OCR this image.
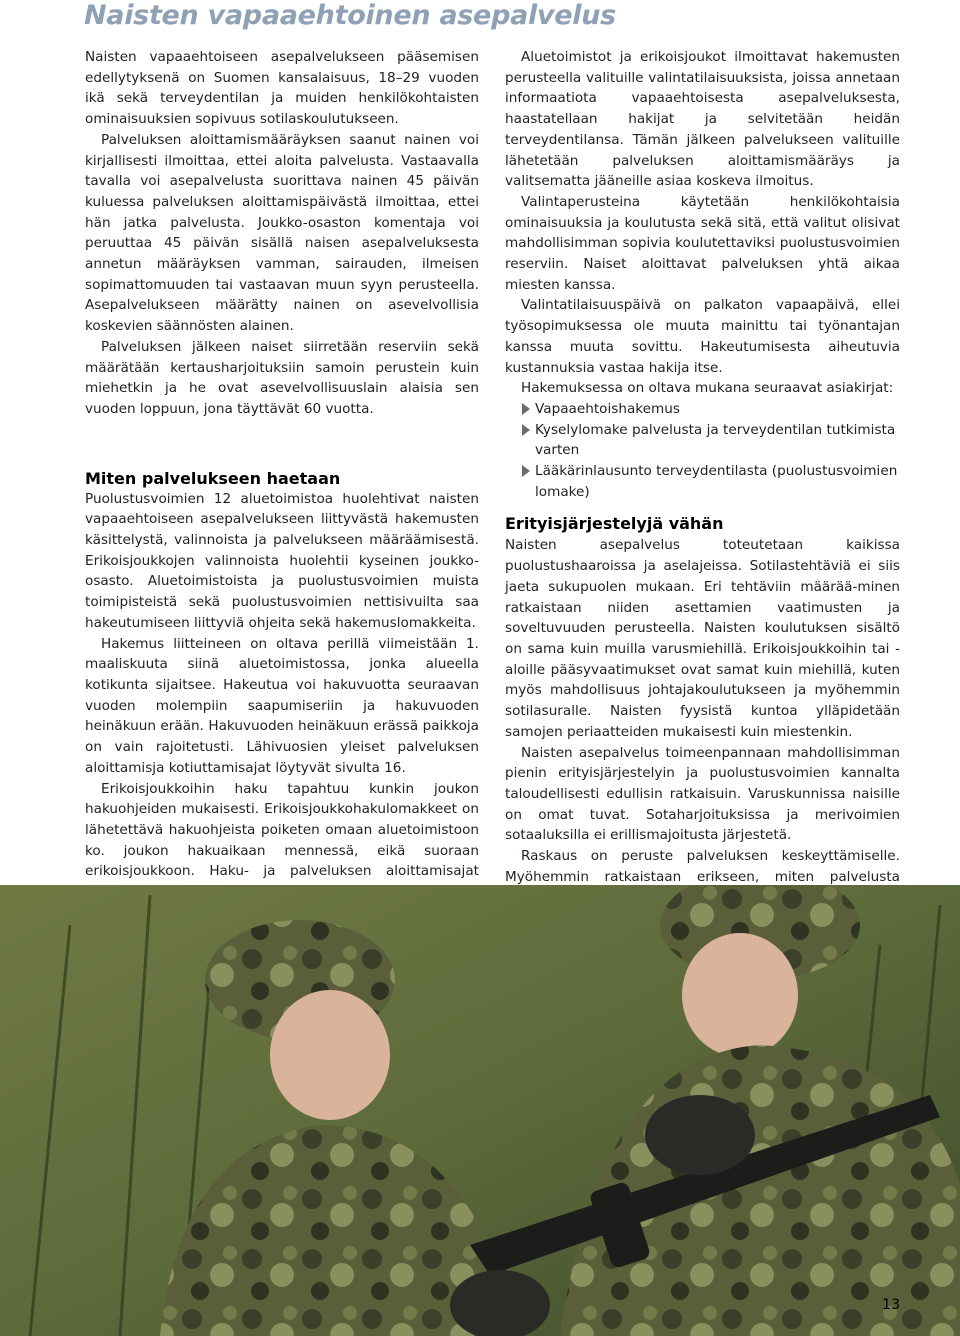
Naisten vapaaehtoinen asepalvelus

Naisten vapaaehtoiseen asepalvelukseen pääsemisen edellytyksenä on Suomen kansalaisuus, 18–29 vuoden ikä sekä terveydentilan ja muiden henkilökohtaisten ominaisuuksien sopivuus sotilaskoulutukseen.

Palveluksen aloittamismääräyksen saanut nainen voi kirjallisesti ilmoittaa, ettei aloita palvelusta. Vastaavalla tavalla voi asepalvelusta suorittava nainen 45 päivän kuluessa palveluksen aloittamispäivästä ilmoittaa, ettei hän jatka palvelusta. Joukko-osaston komentaja voi peruuttaa 45 päivän sisällä naisen asepalveluksesta annetun määräyksen vamman, sairauden, ilmeisen sopimattomuuden tai vastaavan muun syyn perusteella. Asepalvelukseen määrätty nainen on asevelvollisia koskevien säännösten alainen.

Palveluksen jälkeen naiset siirretään reserviin sekä määrätään kertausharjoituksiin samoin perustein kuin miehetkin ja he ovat asevelvollisuuslain alaisia sen vuoden loppuun, jona täyttävät 60 vuotta.

Miten palvelukseen haetaan

Puolustusvoimien 12 aluetoimistoa huolehtivat naisten vapaaehtoiseen asepalvelukseen liittyvästä hakemusten käsittelystä, valinnoista ja palvelukseen määräämisestä. Erikoisjoukkojen valinnoista huolehtii kyseinen joukko-osasto. Aluetoimistoista ja puolustusvoimien muista toimipisteistä sekä puolustusvoimien nettisivuilta saa hakeutumiseen liittyviä ohjeita sekä hakemuslomakkeita.

Hakemus liitteineen on oltava perillä viimeistään 1. maaliskuuta siinä aluetoimistossa, jonka alueella kotikunta sijaitsee. Hakeutua voi hakuvuotta seuraavan vuoden molempiin saapumiseriin ja hakuvuoden heinäkuun erään. Hakuvuoden heinäkuun erässä paikkoja on vain rajoitetusti. Lähivuosien yleiset palveluksen aloittamisja kotiuttamisajat löytyvät sivulta 16.

Erikoisjoukkoihin haku tapahtuu kunkin joukon hakuohjeiden mukaisesti. Erikoisjoukkohakulomakkeet on lähetettävä hakuohjeista poiketen omaan aluetoimistoon ko. joukon hakuaikaan mennessä, eikä suoraan erikoisjoukkoon. Haku- ja palveluksen aloittamisajat

Aluetoimistot ja erikoisjoukot ilmoittavat hakemusten perusteella valituille valintatilaisuuksista, joissa annetaan informaatiota vapaaehtoisesta asepalveluksesta, haastatellaan hakijat ja selvitetään heidän terveydentilansa. Tämän jälkeen palvelukseen valituille lähetetään palveluksen aloittamismääräys ja valitsematta jääneille asiaa koskeva ilmoitus.

Valintaperusteina käytetään henkilökohtaisia ominaisuuksia ja koulutusta sekä sitä, että valitut olisivat mahdollisimman sopivia koulutettaviksi puolustusvoimien reserviin. Naiset aloittavat palveluksen yhtä aikaa miesten kanssa.

Valintatilaisuuspäivä on palkaton vapaapäivä, ellei työsopimuksessa ole muuta mainittu tai työnantajan kanssa muuta sovittu. Hakeutumisesta aiheutuvia kustannuksia vastaa hakija itse.

Hakemuksessa on oltava mukana seuraavat asiakirjat:

Vapaaehtoishakemus
Kyselylomake palvelusta ja terveydentilan tutkimista varten
Lääkärinlausunto terveydentilasta (puolustusvoimien lomake)
Erityisjärjestelyjä vähän

Naisten asepalvelus toteutetaan kaikissa puolustushaaroissa ja aselajeissa. Sotilastehtäviä ei siis jaeta sukupuolen mukaan. Eri tehtäviin määrää-minen ratkaistaan niiden asettamien vaatimusten ja soveltuvuuden perusteella. Naisten koulutuksen sisältö on sama kuin muilla varusmiehillä. Erikoisjoukkoihin tai -aloille pääsyvaatimukset ovat samat kuin miehillä, kuten myös mahdollisuus johtajakoulutukseen ja myöhemmin sotilasuralle. Naisten fyysistä kuntoa ylläpidetään samojen periaatteiden mukaisesti kuin miestenkin.

Naisten asepalvelus toimeenpannaan mahdollisimman pienin erityisjärjestelyin ja puolustusvoimien kannalta taloudellisesti edullisin ratkaisuin. Varuskunnissa naisille on omat tuvat. Sotaharjoituksissa ja merivoimien sotaaluksilla ei erillismajoitusta järjestetä.

Raskaus on peruste palveluksen keskeyttämiselle. Myöhemmin ratkaistaan erikseen, miten palvelusta

13
